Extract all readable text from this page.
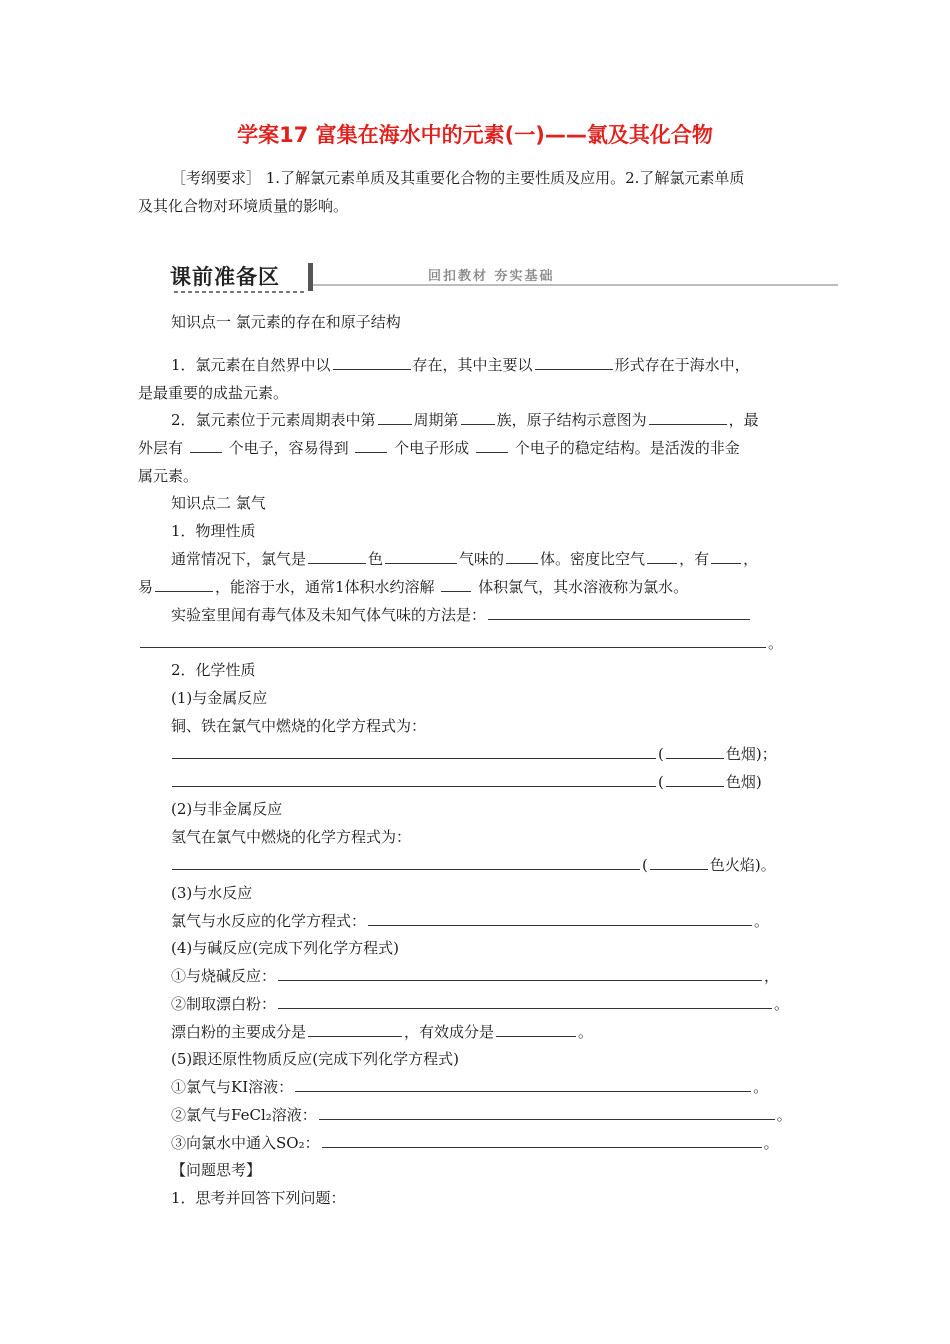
学案17 富集在海水中的元素(一)——氯及其化合物
［考纲要求］ 1.了解氯元素单质及其重要化合物的主要性质及应用。2.了解氯元素单质
及其化合物对环境质量的影响。
课前准备区	回扣教材 夯实基础
知识点一 氯元素的存在和原子结构
1．氯元素在自然界中以	存在，其中主要以	形式存在于海水中，
是最重要的成盐元素。
2．氯元素位于元素周期表中第	周期第	族，原子结构示意图为	，最
外层有	个电子，容易得到	个电子形成	个电子的稳定结构。是活泼的非金
属元素。
知识点二 氯气
1．物理性质
通常情况下，氯气是	色	气味的 体。密度比空气 ，有 ，
易	，能溶于水，通常1体积水约溶解	体积氯气，其水溶液称为氯水。
实验室里闻有毒气体及未知气体气味的方法是：
。
2．化学性质
(1)与金属反应
铜、铁在氯气中燃烧的化学方程式为：
(	色烟)；
(	色烟)
(2)与非金属反应
氢气在氯气中燃烧的化学方程式为：
(	色火焰)。
(3)与水反应
氯气与水反应的化学方程式：	。
(4)与碱反应(完成下列化学方程式)
①与烧碱反应：	，
②制取漂白粉：	。
漂白粉的主要成分是	，有效成分是	。
(5)跟还原性物质反应(完成下列化学方程式)
①氯气与KI溶液：	。
②氯气与FeCl₂溶液：	。
③向氯水中通入SO₂：	。
【问题思考】
1．思考并回答下列问题：
